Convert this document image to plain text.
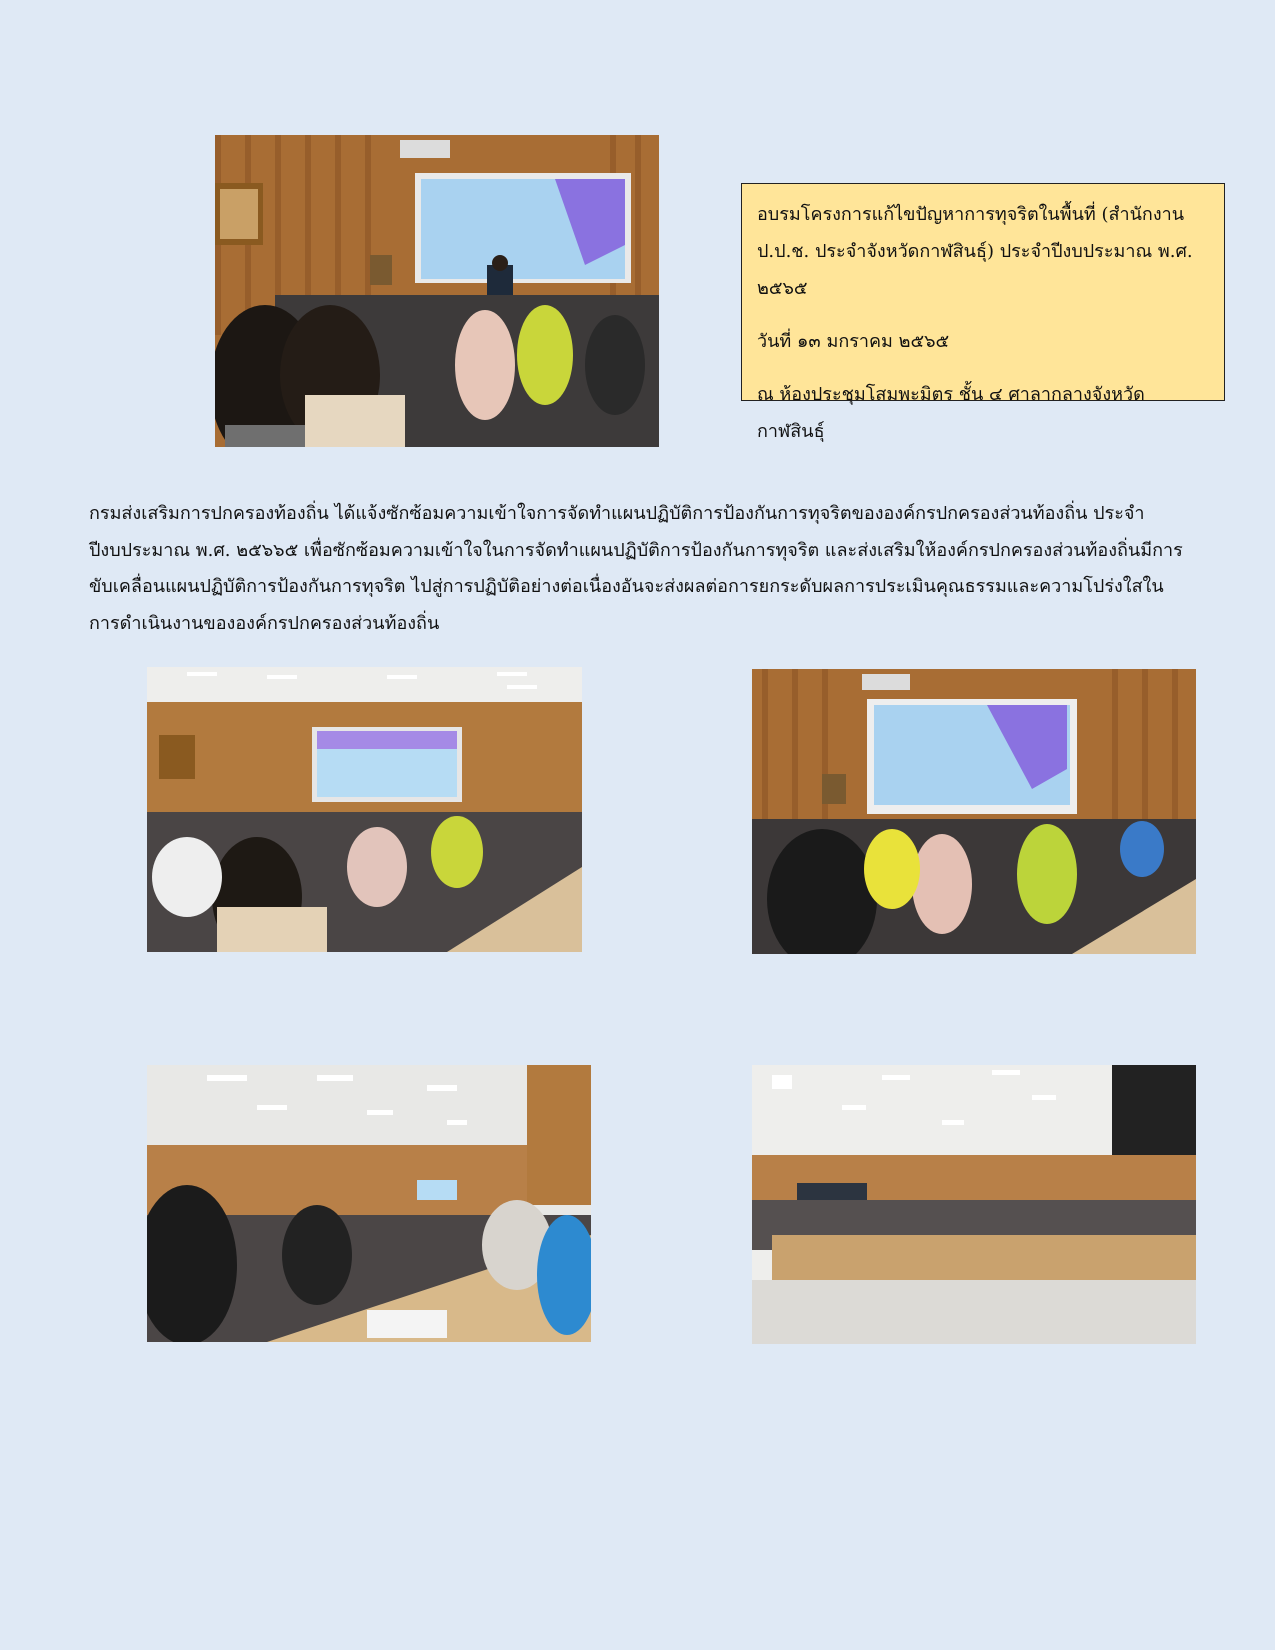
อบรมโครงการแก้ไขปัญหาการทุจริตในพื้นที่ (สำนักงาน ป.ป.ช. ประจำจังหวัดกาฬสินธุ์) ประจำปีงบประมาณ พ.ศ. ๒๕๖๕

วันที่ ๑๓ มกราคม ๒๕๖๕

ณ ห้องประชุมโสมพะมิตร ชั้น ๔ ศาลากลางจังหวัดกาฬสินธุ์

กรมส่งเสริมการปกครองท้องถิ่น ได้แจ้งซักซ้อมความเข้าใจการจัดทำแผนปฏิบัติการป้องกันการทุจริตขององค์กรปกครองส่วนท้องถิ่น ประจำปีงบประมาณ พ.ศ. ๒๕๖๖๕ เพื่อซักซ้อมความเข้าใจในการจัดทำแผนปฏิบัติการป้องกันการทุจริต และส่งเสริมให้องค์กรปกครองส่วนท้องถิ่นมีการขับเคลื่อนแผนปฏิบัติการป้องกันการทุจริต ไปสู่การปฏิบัติอย่างต่อเนื่องอันจะส่งผลต่อการยกระดับผลการประเมินคุณธรรมและความโปร่งใสในการดำเนินงานขององค์กรปกครองส่วนท้องถิ่น
